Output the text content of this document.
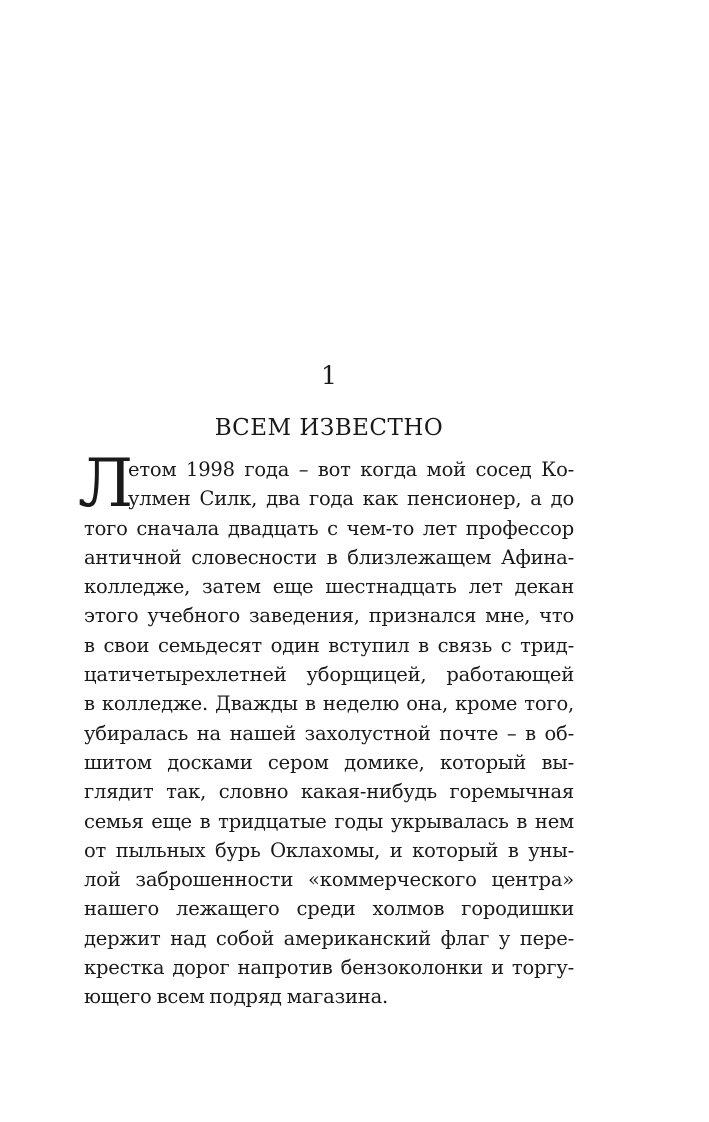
1
ВСЕМ ИЗВЕСТНО
Л
етом 1998 года – вот когда мой сосед Ко-
улмен Силк, два года как пенсионер, а до
того сначала двадцать с чем-то лет профессор
античной словесности в близлежащем Афина-
колледже, затем еще шестнадцать лет декан
этого учебного заведения, признался мне, что
в свои семьдесят один вступил в связь с трид-
цатичетырехлетней уборщицей, работающей
в колледже. Дважды в неделю она, кроме того,
убиралась на нашей захолустной почте – в об-
шитом досками сером домике, который вы-
глядит так, словно какая-нибудь горемычная
семья еще в тридцатые годы укрывалась в нем
от пыльных бурь Оклахомы, и который в уны-
лой заброшенности «коммерческого центра»
нашего лежащего среди холмов городишки
держит над собой американский флаг у пере-
крестка дорог напротив бензоколонки и торгу-
ющего всем подряд магазина.
